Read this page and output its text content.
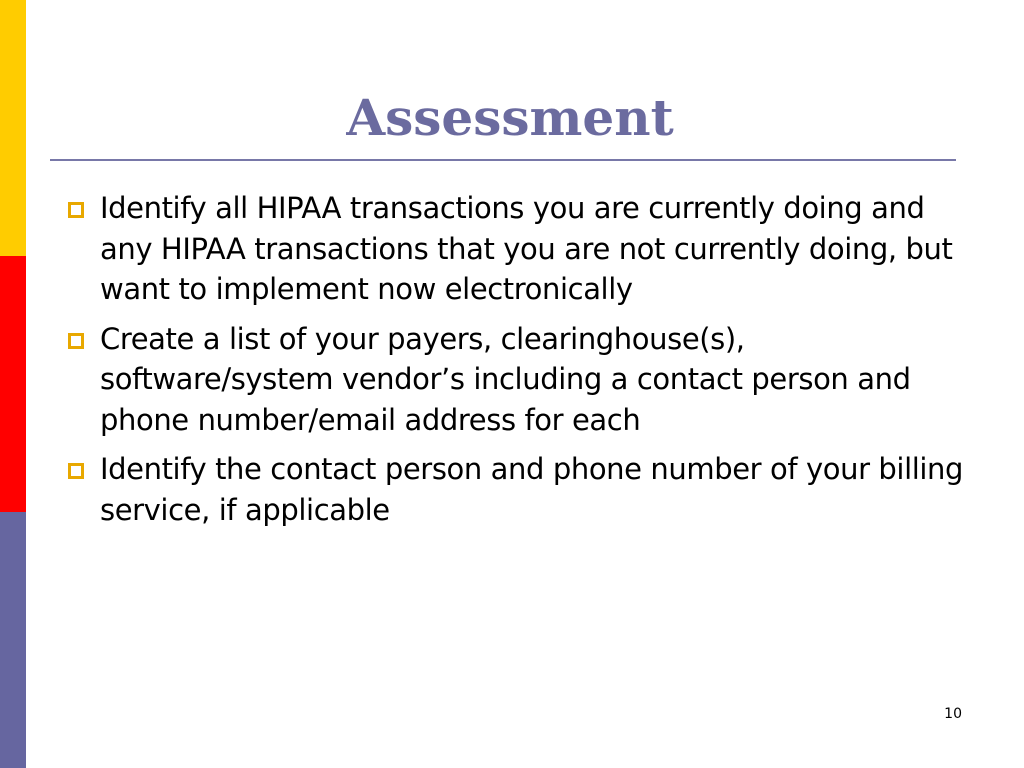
Assessment
Identify all HIPAA transactions you are currently doing and any HIPAA transactions that you are not currently doing, but want to implement now electronically
Create a list of your payers, clearinghouse(s), software/system vendor’s including a contact person and phone number/email address for each
Identify the contact person and phone number of your billing service, if applicable
10
